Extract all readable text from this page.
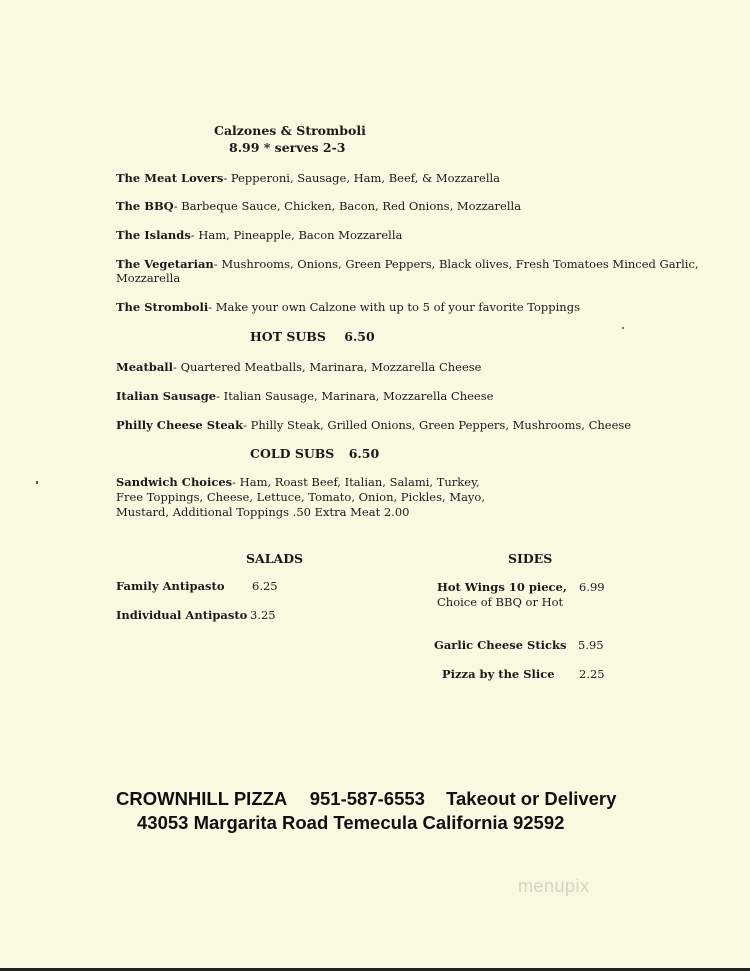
Calzones & Stromboli
8.99 * serves 2-3
The Meat Lovers- Pepperoni, Sausage, Ham, Beef, & Mozzarella
The BBQ- Barbeque Sauce, Chicken, Bacon, Red Onions, Mozzarella
The Islands- Ham, Pineapple, Bacon Mozzarella
The Vegetarian- Mushrooms, Onions, Green Peppers, Black olives, Fresh Tomatoes Minced Garlic,
Mozzarella
The Stromboli- Make your own Calzone with up to 5 of your favorite Toppings
HOT SUBS 6.50
Meatball- Quartered Meatballs, Marinara, Mozzarella Cheese
Italian Sausage- Italian Sausage, Marinara, Mozzarella Cheese
Philly Cheese Steak- Philly Steak, Grilled Onions, Green Peppers, Mushrooms, Cheese
COLD SUBS 6.50
Sandwich Choices- Ham, Roast Beef, Italian, Salami, Turkey,
Free Toppings, Cheese, Lettuce, Tomato, Onion, Pickles, Mayo,
Mustard, Additional Toppings .50 Extra Meat 2.00
SALADS
Family Antipasto 6.25
Individual Antipasto 3.25
SIDES
Hot Wings 10 piece,
Choice of BBQ or Hot
6.99
Garlic Cheese Sticks 5.95
Pizza by the Slice 2.25
CROWNHILL PIZZA 951-587-6553 Takeout or Delivery
43053 Margarita Road Temecula California 92592
menupix
